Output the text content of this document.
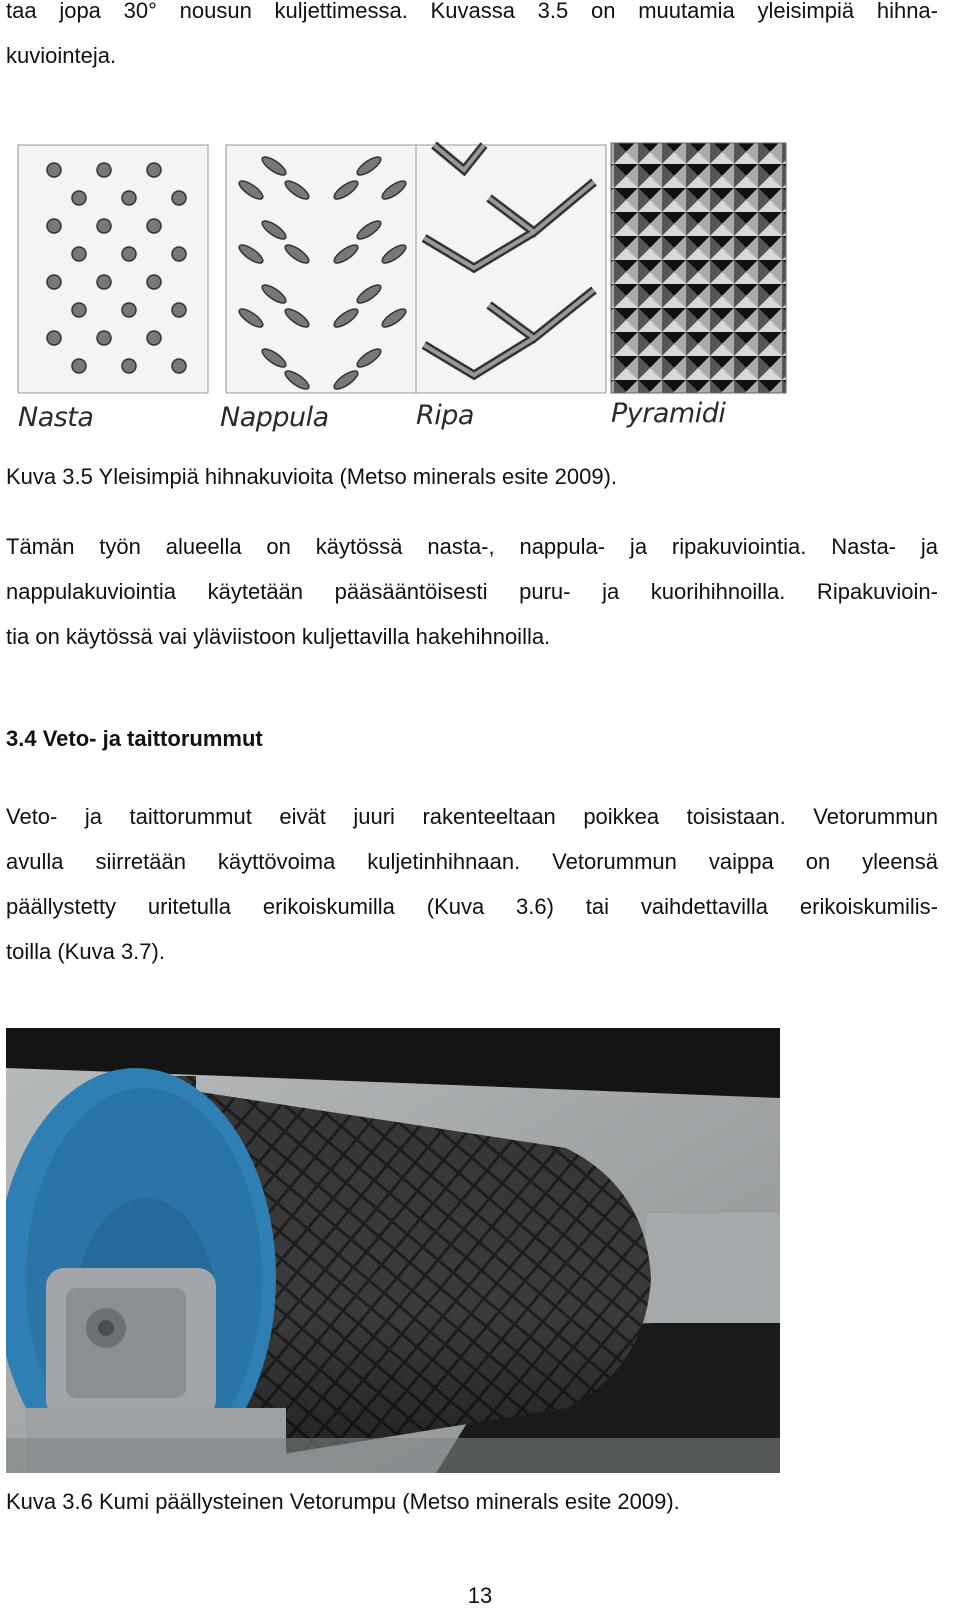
taa jopa 30° nousun kuljettimessa. Kuvassa 3.5 on muutamia yleisimpiä hihna-
kuviointeja.
Nasta	Nappula	Ripa	Pyramidi

Kuva 3.5 Yleisimpiä hihnakuvioita (Metso minerals esite 2009).

Tämän työn alueella on käytössä nasta-, nappula- ja ripakuviointia. Nasta- ja
nappulakuviointia käytetään pääsääntöisesti puru- ja kuorihihnoilla. Ripakuvioin-
tia on käytössä vai yläviistoon kuljettavilla hakehihnoilla.
3.4 Veto- ja taittorummut
Veto- ja taittorummut eivät juuri rakenteeltaan poikkea toisistaan. Vetorummun
avulla siirretään käyttövoima kuljetinhihnaan. Vetorummun vaippa on yleensä
päällystetty uritetulla erikoiskumilla (Kuva 3.6) tai vaihdettavilla erikoiskumilis-
toilla (Kuva 3.7).

Kuva 3.6 Kumi päällysteinen Vetorumpu (Metso minerals esite 2009).

13
